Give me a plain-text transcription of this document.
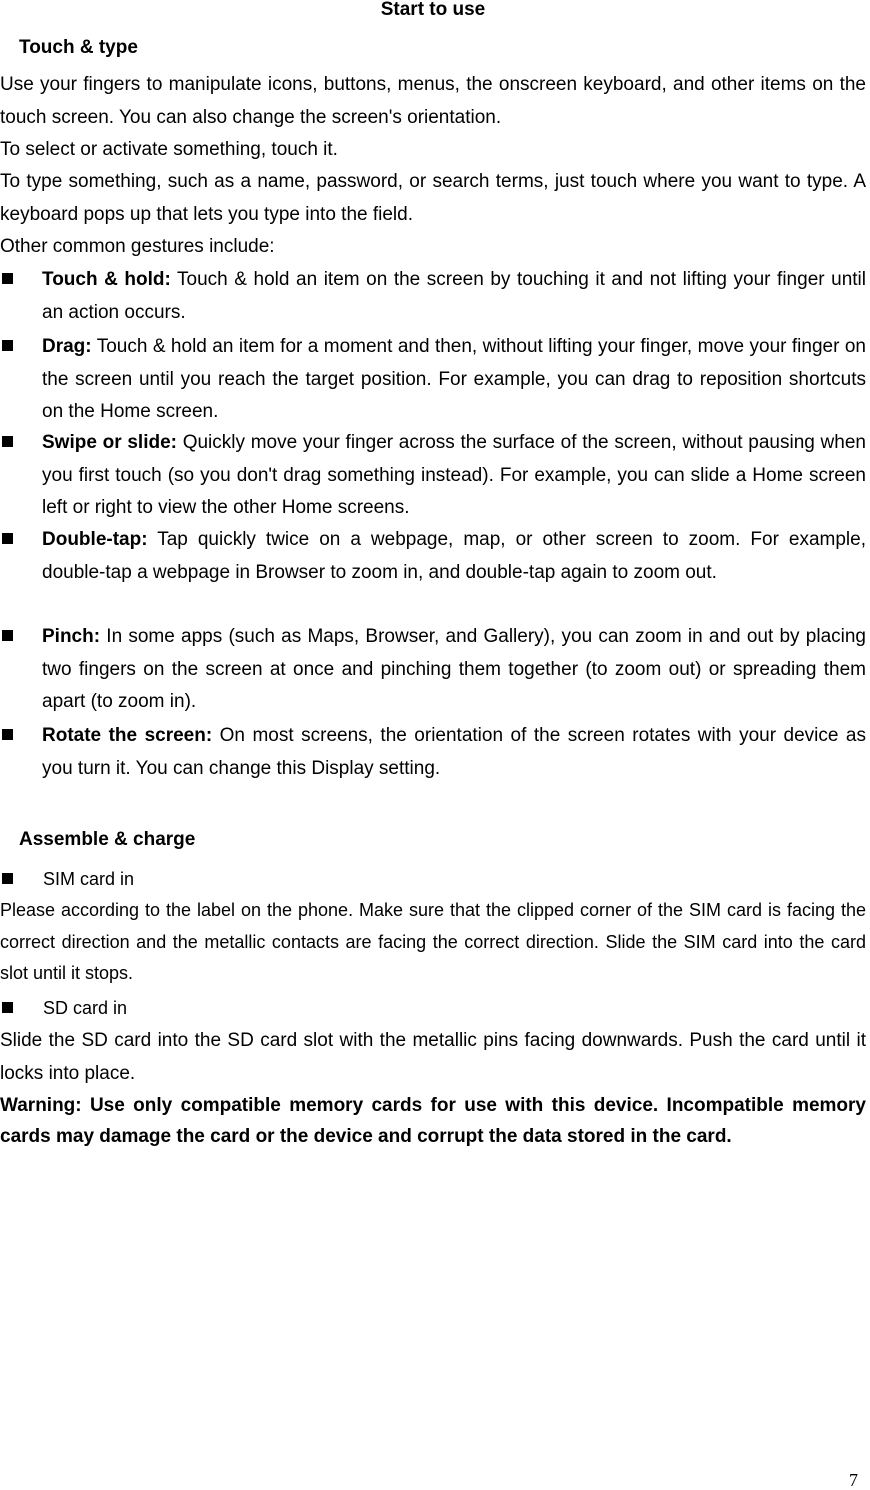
Start to use
Touch & type
Use your fingers to manipulate icons, buttons, menus, the onscreen keyboard, and other items on the touch screen. You can also change the screen's orientation.
To select or activate something, touch it.
To type something, such as a name, password, or search terms, just touch where you want to type. A keyboard pops up that lets you type into the field.
Other common gestures include:
Touch & hold: Touch & hold an item on the screen by touching it and not lifting your finger until an action occurs.
Drag: Touch & hold an item for a moment and then, without lifting your finger, move your finger on the screen until you reach the target position. For example, you can drag to reposition shortcuts on the Home screen.
Swipe or slide: Quickly move your finger across the surface of the screen, without pausing when you first touch (so you don't drag something instead). For example, you can slide a Home screen left or right to view the other Home screens.
Double-tap: Tap quickly twice on a webpage, map, or other screen to zoom. For example, double-tap a webpage in Browser to zoom in, and double-tap again to zoom out.
Pinch: In some apps (such as Maps, Browser, and Gallery), you can zoom in and out by placing two fingers on the screen at once and pinching them together (to zoom out) or spreading them apart (to zoom in).
Rotate the screen: On most screens, the orientation of the screen rotates with your device as you turn it. You can change this Display setting.
Assemble & charge
SIM card in
Please according to the label on the phone. Make sure that the clipped corner of the SIM card is facing the correct direction and the metallic contacts are facing the correct direction. Slide the SIM card into the card slot until it stops.
SD card in
Slide the SD card into the SD card slot with the metallic pins facing downwards. Push the card until it locks into place.
Warning: Use only compatible memory cards for use with this device. Incompatible memory cards may damage the card or the device and corrupt the data stored in the card.
7
